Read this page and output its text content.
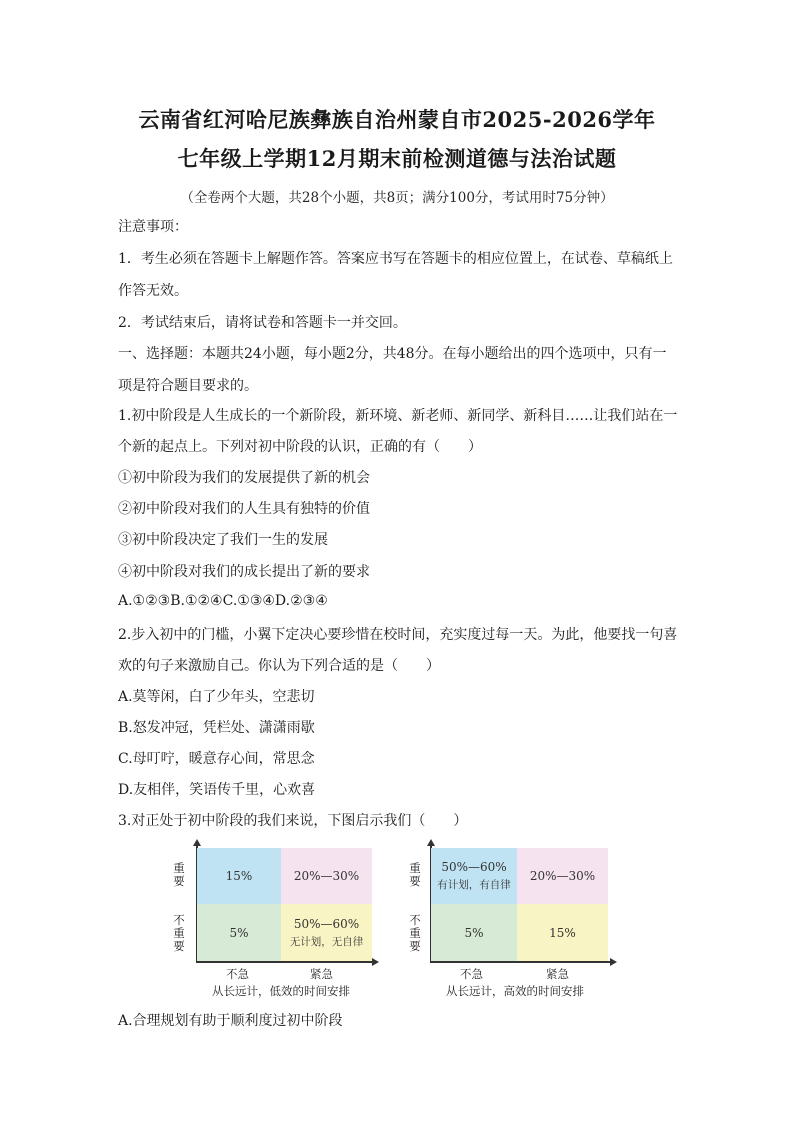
云南省红河哈尼族彝族自治州蒙自市2025-2026学年
七年级上学期12月期末前检测道德与法治试题
（全卷两个大题，共28个小题，共8页；满分100分，考试用时75分钟）
注意事项：
1．考生必须在答题卡上解题作答。答案应书写在答题卡的相应位置上，在试卷、草稿纸上
作答无效。
2．考试结束后，请将试卷和答题卡一并交回。
一、选择题：本题共24小题，每小题2分，共48分。在每小题给出的四个选项中，只有一
项是符合题目要求的。
1.初中阶段是人生成长的一个新阶段，新环境、新老师、新同学、新科目……让我们站在一
个新的起点上。下列对初中阶段的认识，正确的有（　　）
①初中阶段为我们的发展提供了新的机会
②初中阶段对我们的人生具有独特的价值
③初中阶段决定了我们一生的发展
④初中阶段对我们的成长提出了新的要求
A.①②③B.①②④C.①③④D.②③④
2.步入初中的门槛，小翼下定决心要珍惜在校时间，充实度过每一天。为此，他要找一句喜
欢的句子来激励自己。你认为下列合适的是（　　）
A.莫等闲，白了少年头，空悲切
B.怒发冲冠，凭栏处、潇潇雨歇
C.母叮咛，暖意存心间，常思念
D.友相伴，笑语传千里，心欢喜
3.对正处于初中阶段的我们来说，下图启示我们（　　）
重要
不重要
15%	20%—30%
5%
50%—60%
无计划，无自律
不急	紧急
从长远计，低效的时间安排
重要
不重要
50%—60%
有计划，有自律
20%—30%
5%	15%
不急	紧急
从长远计，高效的时间安排
A.合理规划有助于顺利度过初中阶段
